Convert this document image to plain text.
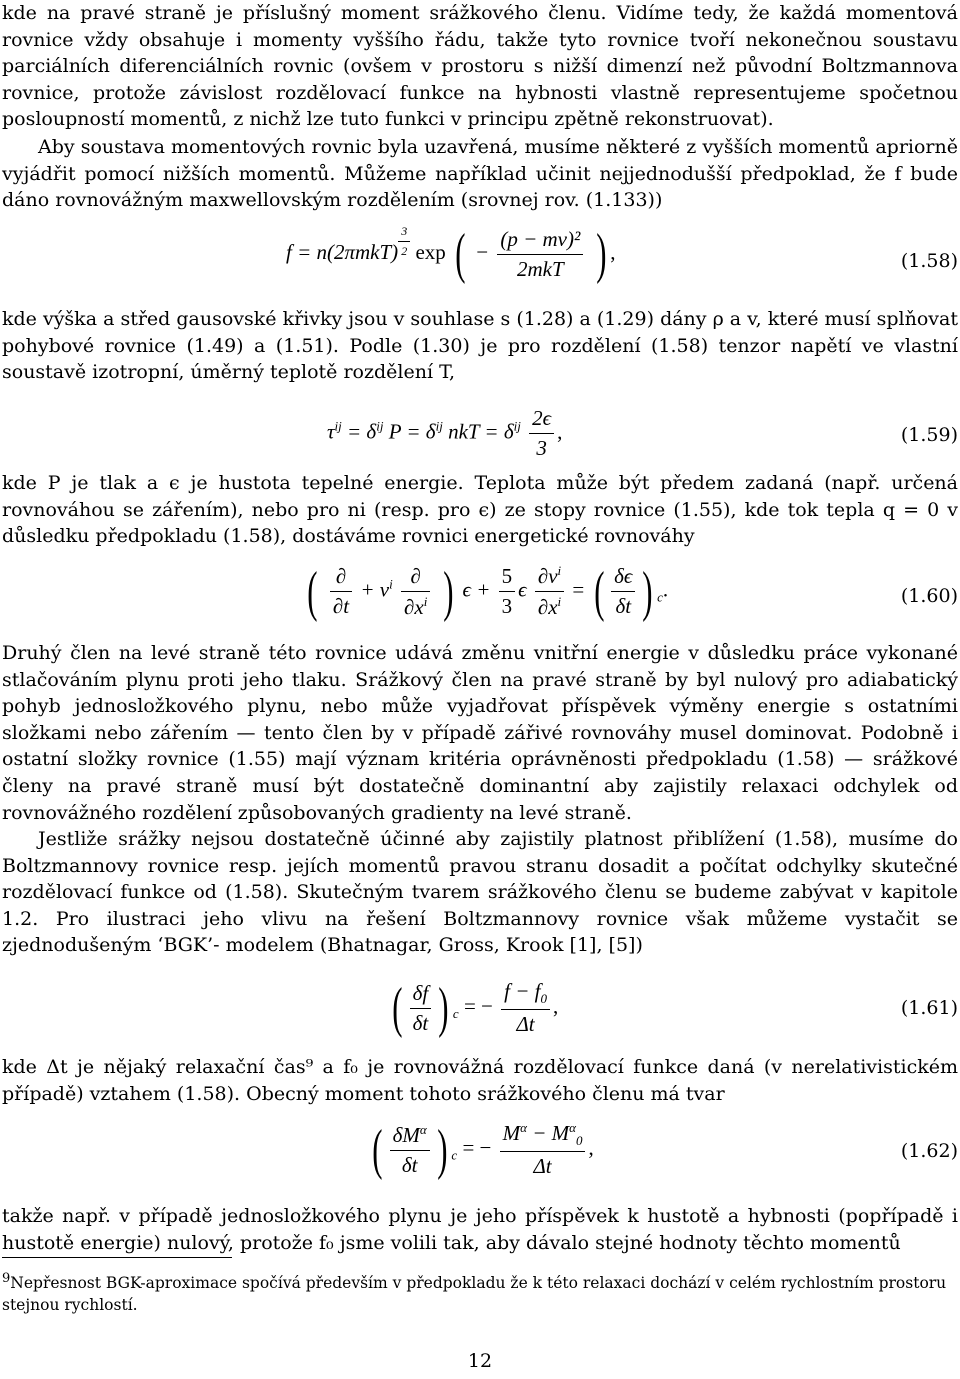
kde na pravé straně je příslušný moment srážkového členu. Vidíme tedy, že každá momentová rovnice vždy obsahuje i momenty vyššího řádu, takže tyto rovnice tvoří nekonečnou soustavu parciálních diferenciálních rovnic (ovšem v prostoru s nižší dimenzí než původní Boltzmannova rovnice, protože závislost rozdělovací funkce na hybnosti vlastně representujeme spočetnou posloupností momentů, z nichž lze tuto funkci v principu zpětně rekonstruovat).

Aby soustava momentových rovnic byla uzavřená, musíme některé z vyšších momentů apriorně vyjádřit pomocí nižších momentů. Můžeme například učinit nejjednodušší předpoklad, že f bude dáno rovnovážným maxwellovským rozdělením (srovnej rov. (1.133))

f = n(2πmkT) $^{\frac{3}{2}}$ exp ( − $\frac{\text{(p − mv)²}}{\text{2mkT}}$ ) ,	(1.58)

kde výška a střed gausovské křivky jsou v souhlase s (1.28) a (1.29) dány ρ a v, které musí splňovat pohybové rovnice (1.49) a (1.51). Podle (1.30) je pro rozdělení (1.58) tenzor napětí ve vlastní soustavě izotropní, úměrný teplotě rozdělení T,

$\tau^{ij} = \delta^{ij}$ $P = \delta^{ij}$ nkT = $\delta^{ij} \frac{2\epsilon}{3}$ ,	(1.59)

kde P je tlak a ϵ je hustota tepelné energie. Teplota může být předem zadaná (např. určená rovnováhou se zářením), nebo pro ni (resp. pro ϵ) ze stopy rovnice (1.55), kde tok tepla q = 0 v důsledku předpokladu (1.58), dostáváme rovnici energetické rovnováhy

( $\frac{\partial}{\partial t} + v^i \frac{\partial}{\partial x^i}$ ) $\epsilon + \frac{5}{3}$ ϵ $\frac{\partial v^i}{\partial x^i}$ = ( $\frac{\delta\epsilon}{\delta t}$ ) $_c$.	(1.60)

Druhý člen na levé straně této rovnice udává změnu vnitřní energie v důsledku práce vykonané stlačováním plynu proti jeho tlaku. Srážkový člen na pravé straně by byl nulový pro adiabatický pohyb jednosložkového plynu, nebo může vyjadřovat příspěvek výměny energie s ostatními složkami nebo zářením — tento člen by v případě zářivé rovnováhy musel dominovat. Podobně i ostatní složky rovnice (1.55) mají význam kritéria oprávněnosti předpokladu (1.58) — srážkové členy na pravé straně musí být dostatečně dominantní aby zajistily relaxaci odchylek od rovnovážného rozdělení způsobovaných gradienty na levé straně.

Jestliže srážky nejsou dostatečně účinné aby zajistily platnost přiblížení (1.58), musíme do Boltzmannovy rovnice resp. jejích momentů pravou stranu dosadit a počítat odchylky skutečné rozdělovací funkce od (1.58). Skutečným tvarem srážkového členu se budeme zabývat v kapitole 1.2. Pro ilustraci jeho vlivu na řešení Boltzmannovy rovnice však můžeme vystačit se zjednodušeným ‘BGK’- modelem (Bhatnagar, Gross, Krook [1], [5])

( $\frac{\delta f}{\delta t}$ ) $_c$ = − $\frac{f - f_0}{\Delta t}$ ,	(1.61)

kde Δt je nějaký relaxační čas⁹ a f₀ je rovnovážná rozdělovací funkce daná (v nerelativistickém případě) vztahem (1.58). Obecný moment tohoto srážkového členu má tvar

( $\frac{\delta M^\alpha}{\delta t}$ ) $_c$ = − $\frac{M^\alpha - M^\alpha_0}{\Delta t}$ ,	(1.62)

takže např. v případě jednosložkového plynu je jeho příspěvek k hustotě a hybnosti (popřípadě i hustotě energie) nulový, protože f₀ jsme volili tak, aby dávalo stejné hodnoty těchto momentů

$^9$Nepřesnost BGK-aproximace spočívá především v předpokladu že k této relaxaci dochází v celém rychlostním prostoru stejnou rychlostí.

12
